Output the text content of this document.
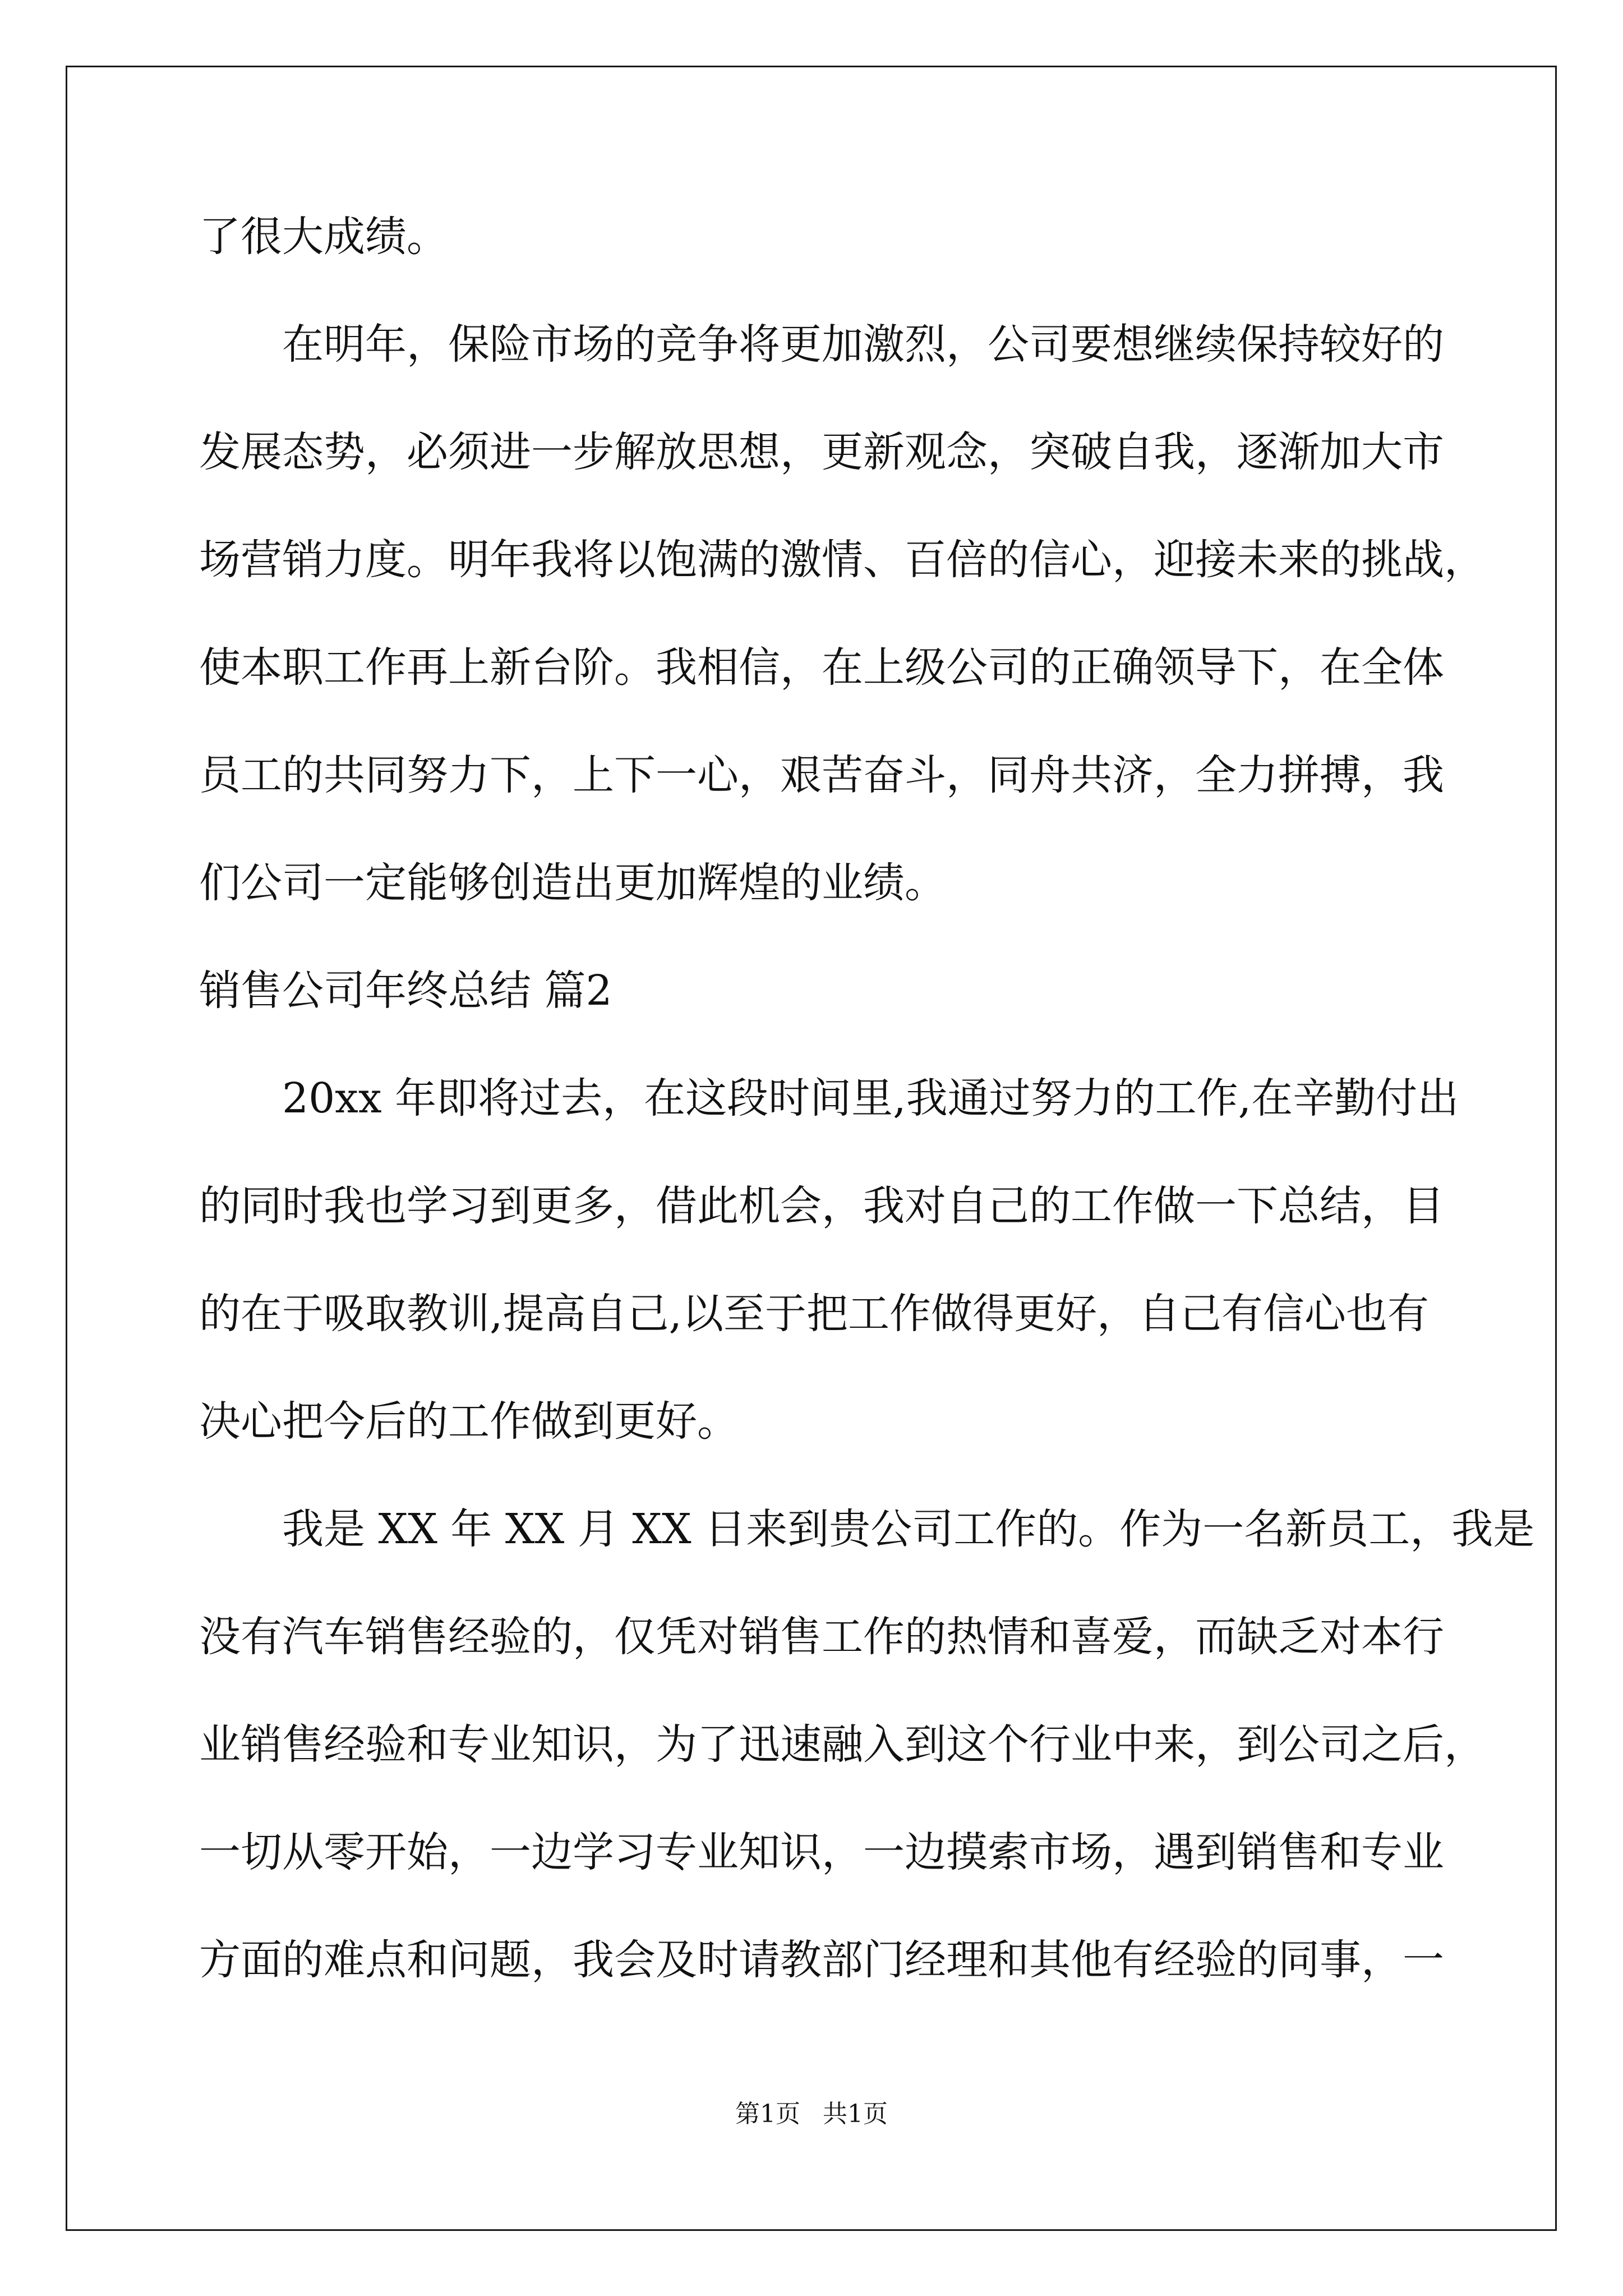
了很大成绩。

　　在明年，保险市场的竞争将更加激烈，公司要想继续保持较好的

发展态势，必须进一步解放思想，更新观念，突破自我，逐渐加大市

场营销力度。明年我将以饱满的激情、百倍的信心，迎接未来的挑战，

使本职工作再上新台阶。我相信，在上级公司的正确领导下，在全体

员工的共同努力下，上下一心，艰苦奋斗，同舟共济，全力拼搏，我

们公司一定能够创造出更加辉煌的业绩。

销售公司年终总结 篇2

　　20xx 年即将过去，在这段时间里,我通过努力的工作,在辛勤付出

的同时我也学习到更多，借此机会，我对自己的工作做一下总结，目

的在于吸取教训,提高自己,以至于把工作做得更好，自己有信心也有

决心把今后的工作做到更好。

　　我是 XX 年 XX 月 XX 日来到贵公司工作的。作为一名新员工，我是

没有汽车销售经验的，仅凭对销售工作的热情和喜爱，而缺乏对本行

业销售经验和专业知识，为了迅速融入到这个行业中来，到公司之后，

一切从零开始，一边学习专业知识，一边摸索市场，遇到销售和专业

方面的难点和问题，我会及时请教部门经理和其他有经验的同事，一

第1页 共1页
